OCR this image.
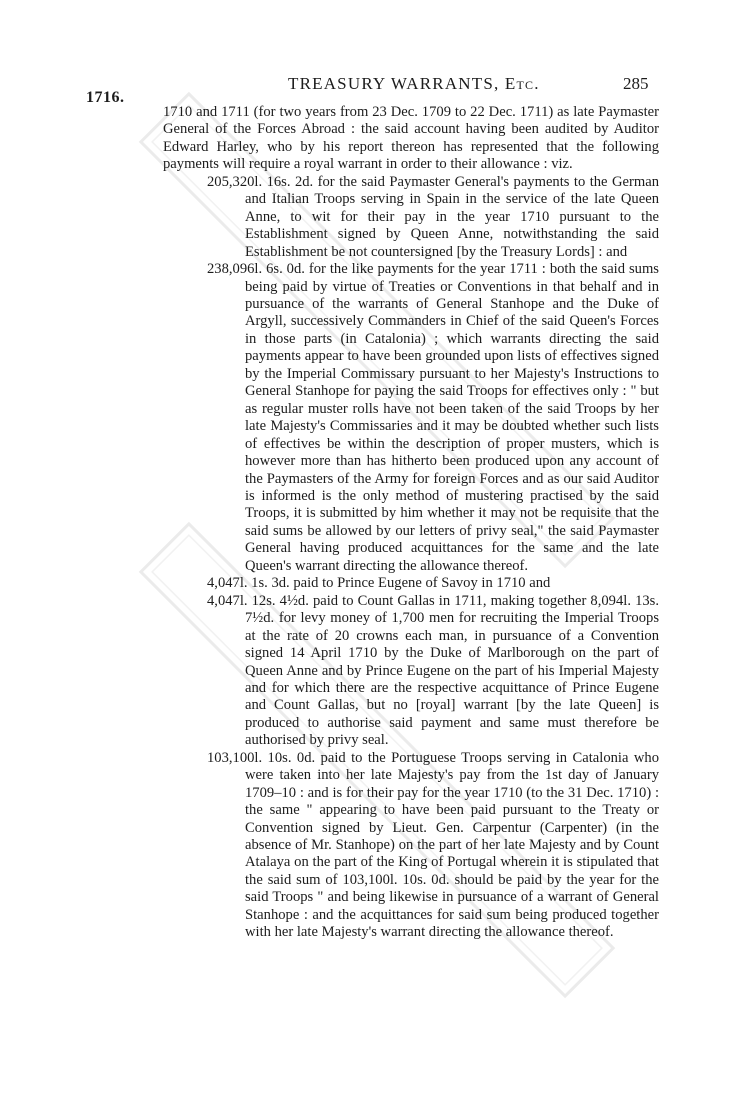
1716.
TREASURY WARRANTS, Etc.	285

1710 and 1711 (for two years from 23 Dec. 1709 to 22 Dec. 1711) as late Paymaster General of the Forces Abroad : the said account having been audited by Auditor Edward Harley, who by his report thereon has represented that the following payments will require a royal warrant in order to their allowance : viz.

205,320l. 16s. 2d. for the said Paymaster General's payments to the German and Italian Troops serving in Spain in the service of the late Queen Anne, to wit for their pay in the year 1710 pursuant to the Establishment signed by Queen Anne, notwithstanding the said Establishment be not countersigned [by the Treasury Lords] : and

238,096l. 6s. 0d. for the like payments for the year 1711 : both the said sums being paid by virtue of Treaties or Conventions in that behalf and in pursuance of the warrants of General Stanhope and the Duke of Argyll, successively Commanders in Chief of the said Queen's Forces in those parts (in Catalonia) ; which warrants directing the said payments appear to have been grounded upon lists of effectives signed by the Imperial Commissary pursuant to her Majesty's Instructions to General Stanhope for paying the said Troops for effectives only : " but as regular muster rolls have not been taken of the said Troops by her late Majesty's Commissaries and it may be doubted whether such lists of effectives be within the description of proper musters, which is however more than has hitherto been produced upon any account of the Paymasters of the Army for foreign Forces and as our said Auditor is informed is the only method of mustering practised by the said Troops, it is submitted by him whether it may not be requisite that the said sums be allowed by our letters of privy seal," the said Paymaster General having produced acquittances for the same and the late Queen's warrant directing the allowance thereof.

4,047l. 1s. 3d. paid to Prince Eugene of Savoy in 1710 and

4,047l. 12s. 4½d. paid to Count Gallas in 1711, making together 8,094l. 13s. 7½d. for levy money of 1,700 men for recruiting the Imperial Troops at the rate of 20 crowns each man, in pursuance of a Convention signed 14 April 1710 by the Duke of Marlborough on the part of Queen Anne and by Prince Eugene on the part of his Imperial Majesty and for which there are the respective acquittance of Prince Eugene and Count Gallas, but no [royal] warrant [by the late Queen] is produced to authorise said payment and same must therefore be authorised by privy seal.

103,100l. 10s. 0d. paid to the Portuguese Troops serving in Catalonia who were taken into her late Majesty's pay from the 1st day of January 1709–10 : and is for their pay for the year 1710 (to the 31 Dec. 1710) : the same " appearing to have been paid pursuant to the Treaty or Convention signed by Lieut. Gen. Carpentur (Carpenter) (in the absence of Mr. Stanhope) on the part of her late Majesty and by Count Atalaya on the part of the King of Portugal wherein it is stipulated that the said sum of 103,100l. 10s. 0d. should be paid by the year for the said Troops " and being likewise in pursuance of a warrant of General Stanhope : and the acquittances for said sum being produced together with her late Majesty's warrant directing the allowance thereof.
